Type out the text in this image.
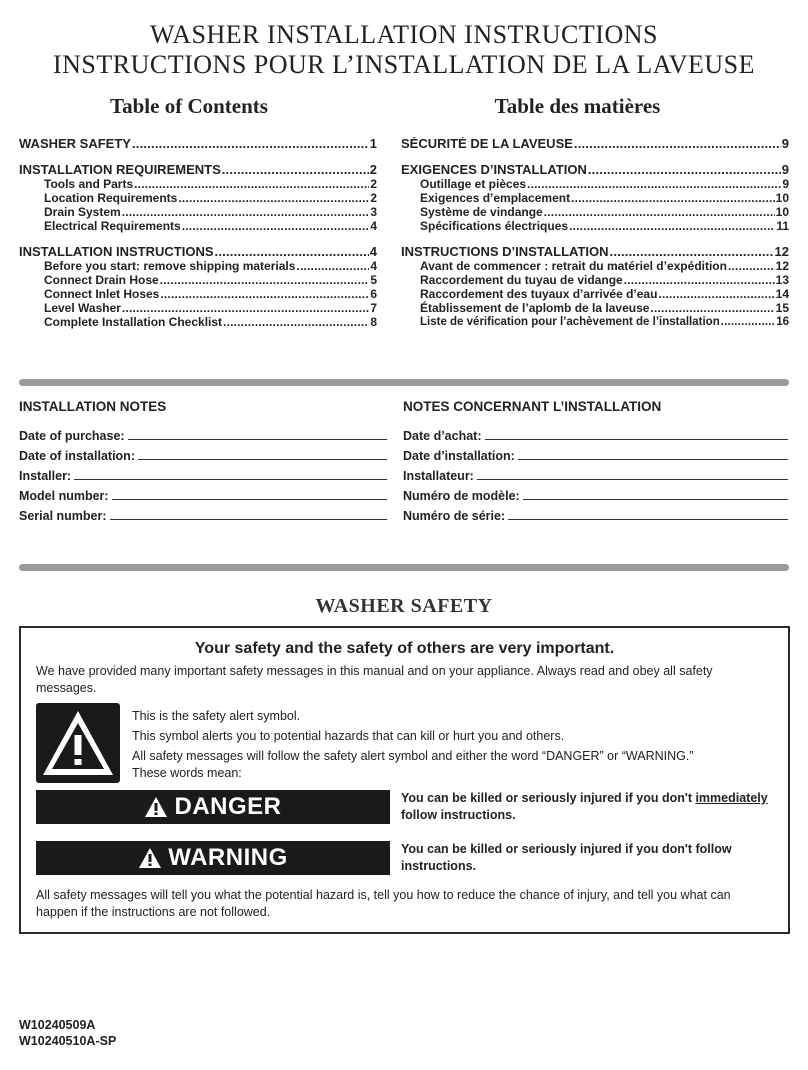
WASHER INSTALLATION INSTRUCTIONS
INSTRUCTIONS POUR L’INSTALLATION DE LA LAVEUSE
Table of Contents	Table des matières
WASHER SAFETY .....	1
INSTALLATION REQUIREMENTS .....	2
Tools and Parts .....	2
Location Requirements .....	2
Drain System .....	3
Electrical Requirements .....	4
INSTALLATION INSTRUCTIONS .....	4
Before you start: remove shipping materials .....	4
Connect Drain Hose .....	5
Connect Inlet Hoses .....	6
Level Washer .....	7
Complete Installation Checklist .....	8
SÉCURITÉ DE LA LAVEUSE .....	9
EXIGENCES D’INSTALLATION .....	9
Outillage et pièces .....	9
Exigences d’emplacement .....	10
Système de vindange .....	10
Spécifications électriques .....	11
INSTRUCTIONS D’INSTALLATION .....	12
Avant de commencer : retrait du matériel d’expédition .....	12
Raccordement du tuyau de vidange .....	13
Raccordement des tuyaux d’arrivée d’eau .....	14
Établissement de l’aplomb de la laveuse .....	15
Liste de vérification pour l’achèvement de l’installation .....	16
INSTALLATION NOTES	NOTES CONCERNANT L’INSTALLATION
Date of purchase:
Date of installation:
Installer:
Model number:
Serial number:
Date d’achat:
Date d’installation:
Installateur:
Numéro de modèle:
Numéro de série:
WASHER SAFETY
Your safety and the safety of others are very important.
We have provided many important safety messages in this manual and on your appliance. Always read and obey all safety messages.
This is the safety alert symbol.
This symbol alerts you to potential hazards that can kill or hurt you and others.
All safety messages will follow the safety alert symbol and either the word “DANGER” or “WARNING.”
These words mean:
DANGER	You can be killed or seriously injured if you don't immediately
follow instructions.
WARNING	You can be killed or seriously injured if you don't follow instructions.
All safety messages will tell you what the potential hazard is, tell you how to reduce the chance of injury, and tell you what can happen if the instructions are not followed.
W10240509A
W10240510A-SP
